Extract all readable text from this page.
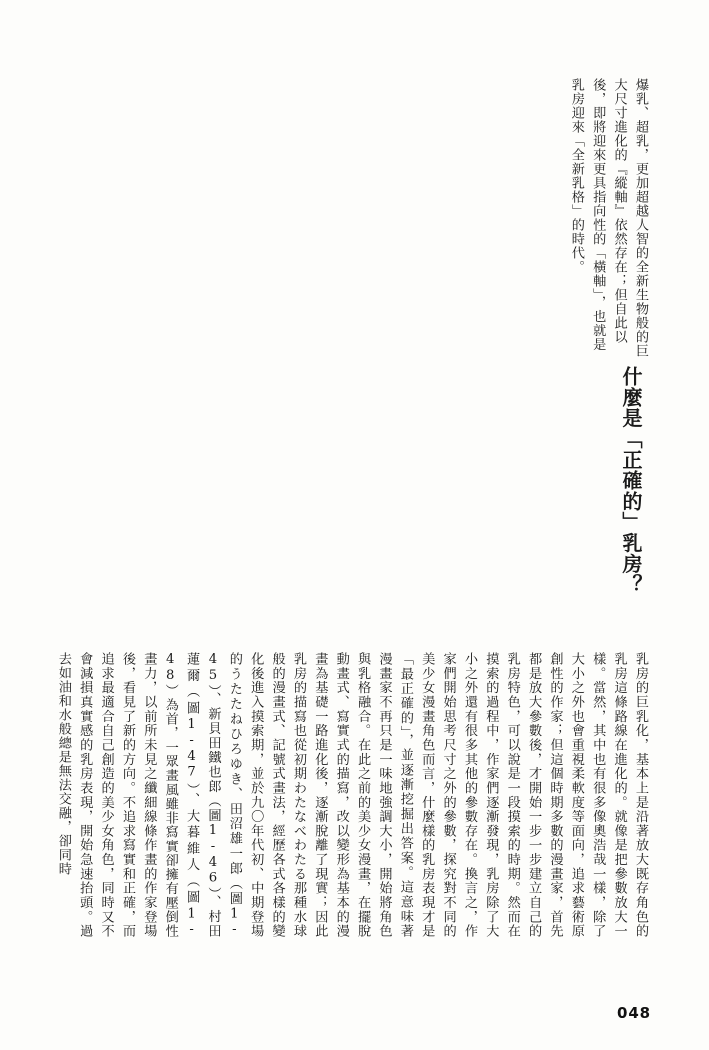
爆乳、超乳，更加超越人智的全新生物般的巨大尺寸進化的『縱軸』依然存在；但自此以後，即將迎來更具指向性的「橫軸」，也就是乳房迎來「全新乳格」的時代。
什麼是「正確的」乳房？
乳房的巨乳化，基本上是沿著放大既存角色的乳房這條路線在進化的。就像是把參數放大一樣。當然，其中也有很多像奧浩哉一樣，除了大小之外也會重視柔軟度等面向，追求藝術原創性的作家；但這個時期多數的漫畫家，首先都是放大參數後，才開始一步一步建立自己的乳房特色，可以說是一段摸索的時期。然而在摸索的過程中，作家們逐漸發現，乳房除了大小之外還有很多其他的參數存在。換言之，作家們開始思考尺寸之外的參數，探究對不同的美少女漫畫角色而言，什麼樣的乳房表現才是「最正確的」，並逐漸挖掘出答案。這意味著漫畫家不再只是一味地強調大小，開始將角色與乳格融合。在此之前的美少女漫畫，在擺脫動畫式、寫實式的描寫，改以變形為基本的漫畫為基礎一路進化後，逐漸脫離了現實；因此乳房的描寫也從初期わたなべわたる那種水球般的漫畫式、記號式畫法，經歷各式各樣的變化後進入摸索期，並於九〇年代初、中期登場的うたたねひろゆき、田沼雄一郎（圖1-45）、新貝田鐵也郎（圖1-46）、村田蓮爾（圖1-47）、大暮維人（圖1-48）為首，一眾畫風雖非寫實卻擁有壓倒性畫力，以前所未見之纖細線條作畫的作家登場後，看見了新的方向。不追求寫實和正確，而追求最適合自己創造的美少女角色，同時又不會減損真實感的乳房表現，開始急速抬頭。過去如油和水般總是無法交融，卻同時
048
